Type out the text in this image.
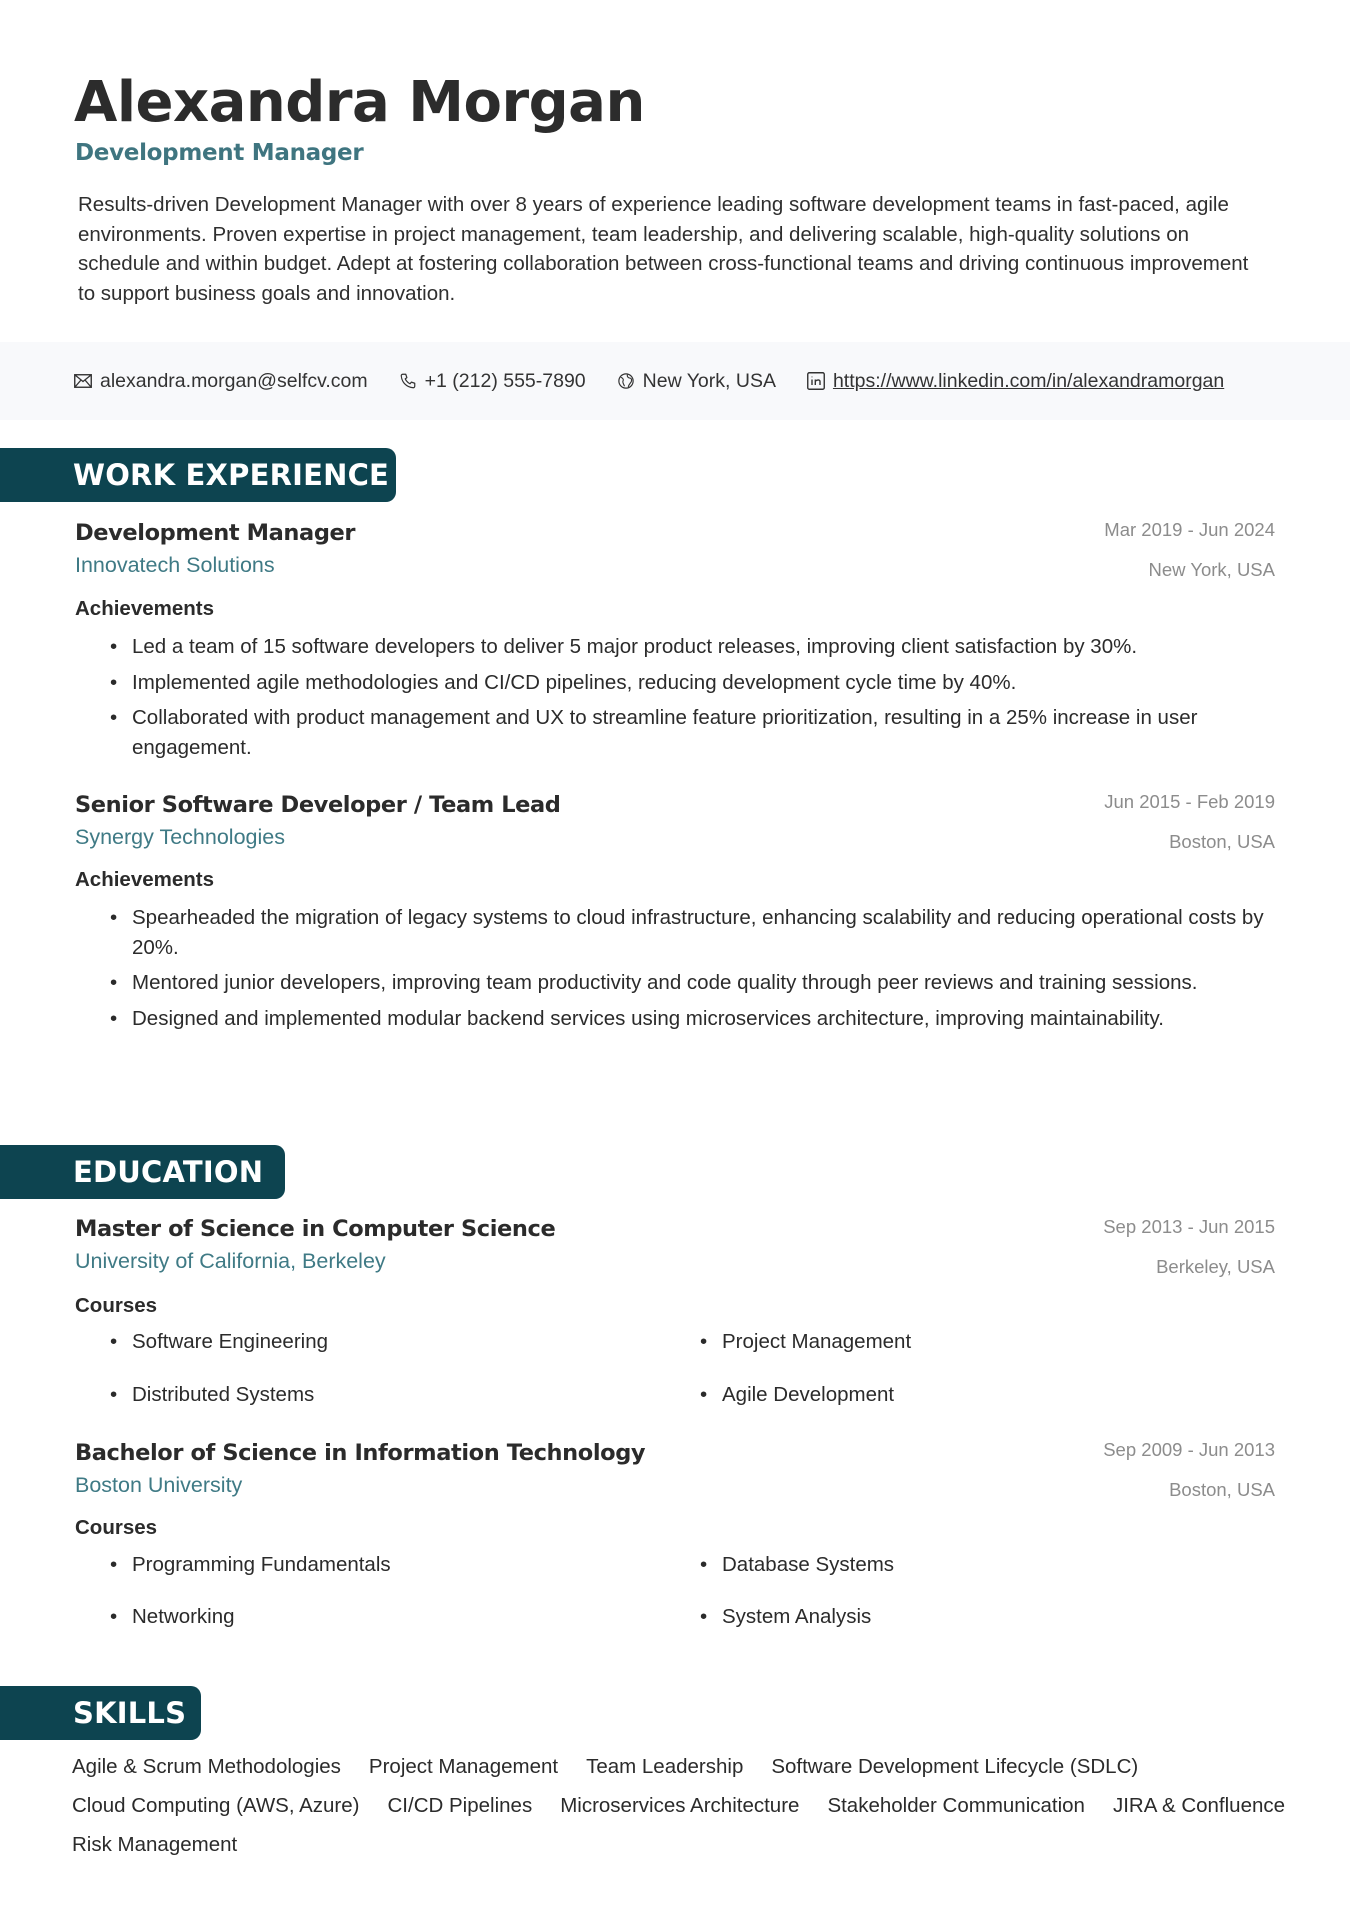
Alexandra Morgan
Development Manager
Results-driven Development Manager with over 8 years of experience leading software development teams in fast-paced, agile environments. Proven expertise in project management, team leadership, and delivering scalable, high-quality solutions on schedule and within budget. Adept at fostering collaboration between cross-functional teams and driving continuous improvement to support business goals and innovation.
alexandra.morgan@selfcv.com	+1 (212) 555-7890	New York, USA	https://www.linkedin.com/in/alexandramorgan
WORK EXPERIENCE
Development Manager
Innovatech Solutions
Mar 2019 - Jun 2024
New York, USA
Achievements
• Led a team of 15 software developers to deliver 5 major product releases, improving client satisfaction by 30%.
• Implemented agile methodologies and CI/CD pipelines, reducing development cycle time by 40%.
• Collaborated with product management and UX to streamline feature prioritization, resulting in a 25% increase in user engagement.
Senior Software Developer / Team Lead
Synergy Technologies
Jun 2015 - Feb 2019
Boston, USA
Achievements
• Spearheaded the migration of legacy systems to cloud infrastructure, enhancing scalability and reducing operational costs by 20%.
• Mentored junior developers, improving team productivity and code quality through peer reviews and training sessions.
• Designed and implemented modular backend services using microservices architecture, improving maintainability.
EDUCATION
Master of Science in Computer Science
University of California, Berkeley
Sep 2013 - Jun 2015
Berkeley, USA
Courses
• Software Engineering	• Project Management
• Distributed Systems	• Agile Development
Bachelor of Science in Information Technology
Boston University
Sep 2009 - Jun 2013
Boston, USA
Courses
• Programming Fundamentals	• Database Systems
• Networking	• System Analysis
SKILLS
Agile & Scrum Methodologies Project Management Team Leadership Software Development Lifecycle (SDLC)
Cloud Computing (AWS, Azure) CI/CD Pipelines Microservices Architecture Stakeholder Communication JIRA & Confluence
Risk Management
